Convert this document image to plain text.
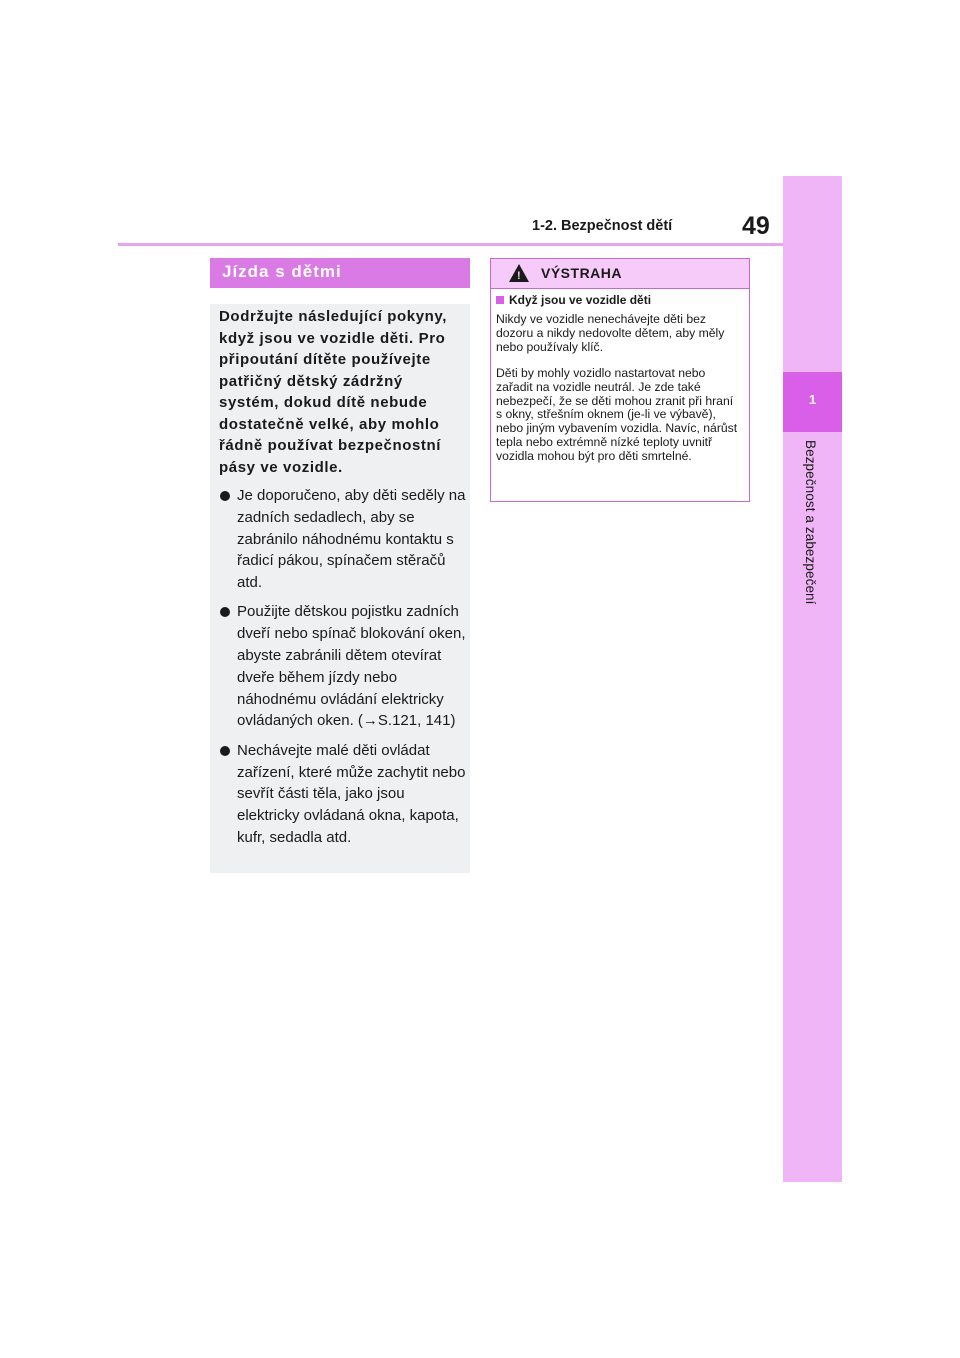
1-2. Bezpečnost dětí	49
1
Bezpečnost a zabezpečení
Jízda s dětmi
Dodržujte následující pokyny, když jsou ve vozidle děti. Pro připoutání dítěte používejte patřičný dětský zádržný systém, dokud dítě nebude dostatečně velké, aby mohlo řádně používat bezpečnostní pásy ve vozidle.
Je doporučeno, aby děti seděly na zadních sedadlech, aby se zabránilo náhodnému kontaktu s řadicí pákou, spínačem stěračů atd.
Použijte dětskou pojistku zadních dveří nebo spínač blokování oken, abyste zabránili dětem otevírat dveře během jízdy nebo náhodnému ovládání elektricky ovládaných oken. (→S.121, 141)
Nechávejte malé děti ovládat zařízení, které může zachytit nebo sevřít části těla, jako jsou elektricky ovládaná okna, kapota, kufr, sedadla atd.
! VÝSTRAHA
Když jsou ve vozidle děti
Nikdy ve vozidle nenechávejte děti bez dozoru a nikdy nedovolte dětem, aby měly nebo používaly klíč.
Děti by mohly vozidlo nastartovat nebo zařadit na vozidle neutrál. Je zde také nebezpečí, že se děti mohou zranit při hraní s okny, střešním oknem (je-li ve výbavě), nebo jiným vybavením vozidla. Navíc, nárůst tepla nebo extrémně nízké teploty uvnitř vozidla mohou být pro děti smrtelné.
